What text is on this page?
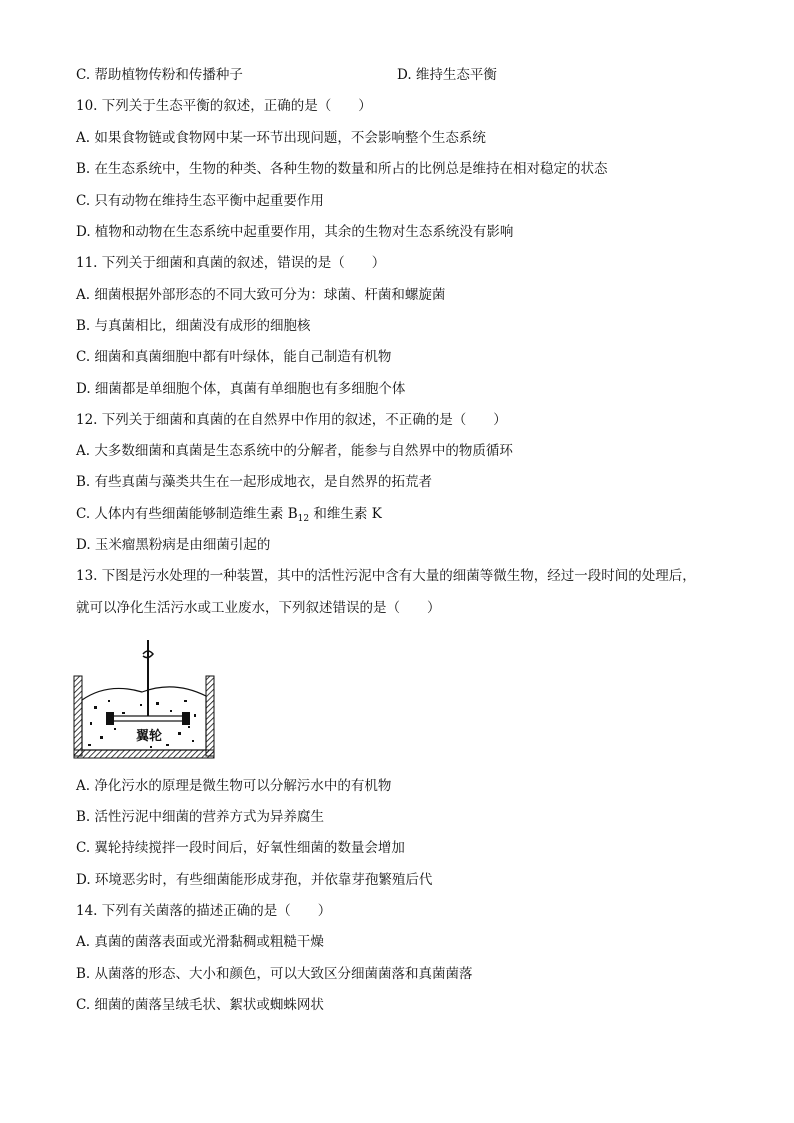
C. 帮助植物传粉和传播种子	D. 维持生态平衡
10. 下列关于生态平衡的叙述，正确的是（　　）
A. 如果食物链或食物网中某一环节出现问题，不会影响整个生态系统
B. 在生态系统中，生物的种类、各种生物的数量和所占的比例总是维持在相对稳定的状态
C. 只有动物在维持生态平衡中起重要作用
D. 植物和动物在生态系统中起重要作用，其余的生物对生态系统没有影响
11. 下列关于细菌和真菌的叙述，错误的是（　　）
A. 细菌根据外部形态的不同大致可分为：球菌、杆菌和螺旋菌
B. 与真菌相比，细菌没有成形的细胞核
C. 细菌和真菌细胞中都有叶绿体，能自己制造有机物
D. 细菌都是单细胞个体，真菌有单细胞也有多细胞个体
12. 下列关于细菌和真菌的在自然界中作用的叙述，不正确的是（　　）
A. 大多数细菌和真菌是生态系统中的分解者，能参与自然界中的物质循环
B. 有些真菌与藻类共生在一起形成地衣，是自然界的拓荒者
C. 人体内有些细菌能够制造维生素 $B_{12}$ 和维生素 K
D. 玉米瘤黑粉病是由细菌引起的
13. 下图是污水处理的一种装置，其中的活性污泥中含有大量的细菌等微生物，经过一段时间的处理后，
就可以净化生活污水或工业废水，下列叙述错误的是（　　）
翼轮
A. 净化污水的原理是微生物可以分解污水中的有机物
B. 活性污泥中细菌的营养方式为异养腐生
C. 翼轮持续搅拌一段时间后，好氧性细菌的数量会增加
D. 环境恶劣时，有些细菌能形成芽孢，并依靠芽孢繁殖后代
14. 下列有关菌落的描述正确的是（　　）
A. 真菌的菌落表面或光滑黏稠或粗糙干燥
B. 从菌落的形态、大小和颜色，可以大致区分细菌菌落和真菌菌落
C. 细菌的菌落呈绒毛状、絮状或蜘蛛网状
